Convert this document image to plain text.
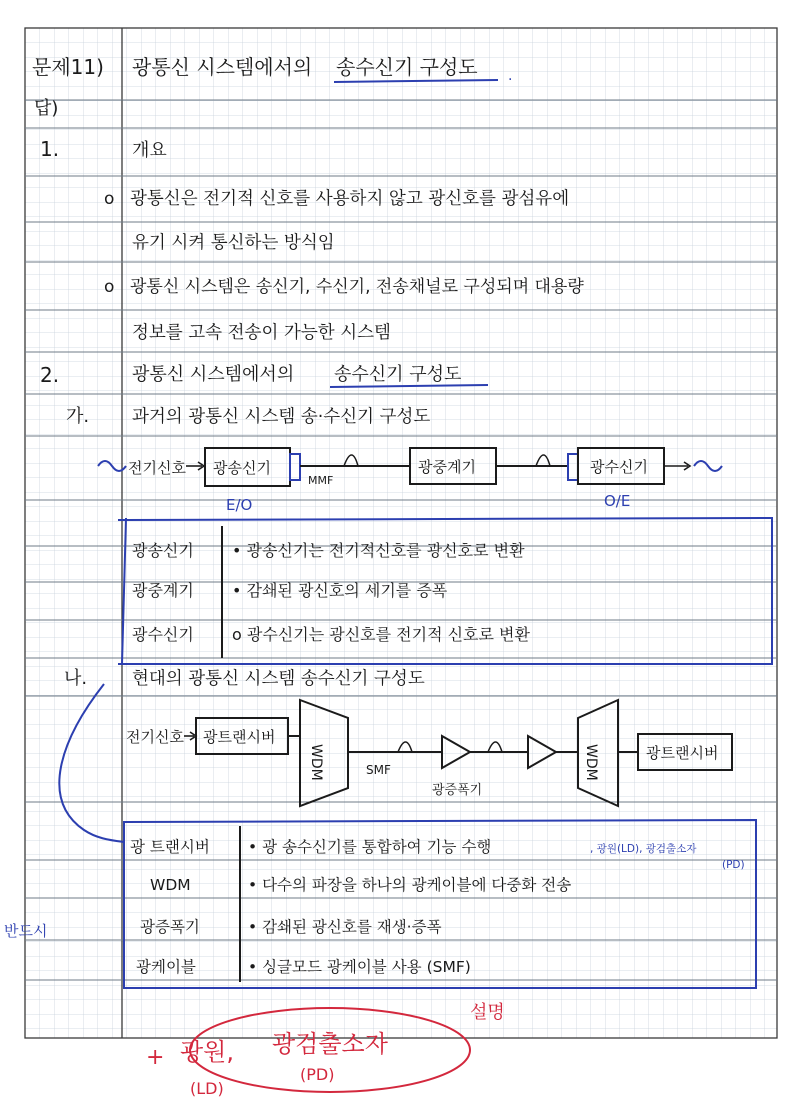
문제11) 광통신 시스템에서의 송수신기 구성도 .
답)
1.	개요
o 광통신은 전기적 신호를 사용하지 않고 광신호를 광섬유에
유기 시켜 통신하는 방식임
o 광통신 시스템은 송신기, 수신기, 전송채널로 구성되며 대용량
정보를 고속 전송이 가능한 시스템
2.	광통신 시스템에서의 송수신기 구성도
가. 과거의 광통신 시스템 송·수신기 구성도
전기신호 광송신기
MMF
광중계기	광수신기
E/O	O/E
광송신기 • 광송신기는 전기적신호를 광신호로 변환
광중계기 • 감쇄된 광신호의 세기를 증폭
광수신기 o 광수신기는 광신호를 전기적 신호로 변환
나.	현대의 광통신 시스템 송수신기 구성도
전기신호 광트랜시버
WDM	SMF
광증폭기
WDM	광트랜시버
광 트랜시버 • 광 송수신기를 통합하여 기능 수행	, 광원(LD), 광검출소자
(PD)
WDM	• 다수의 파장을 하나의 광케이블에 다중화 전송
광증폭기	• 감쇄된 광신호를 재생·증폭
광케이블	• 싱글모드 광케이블 사용 (SMF)
반드시
+ 광원,
(LD)
광검출소자
(PD)
설명
